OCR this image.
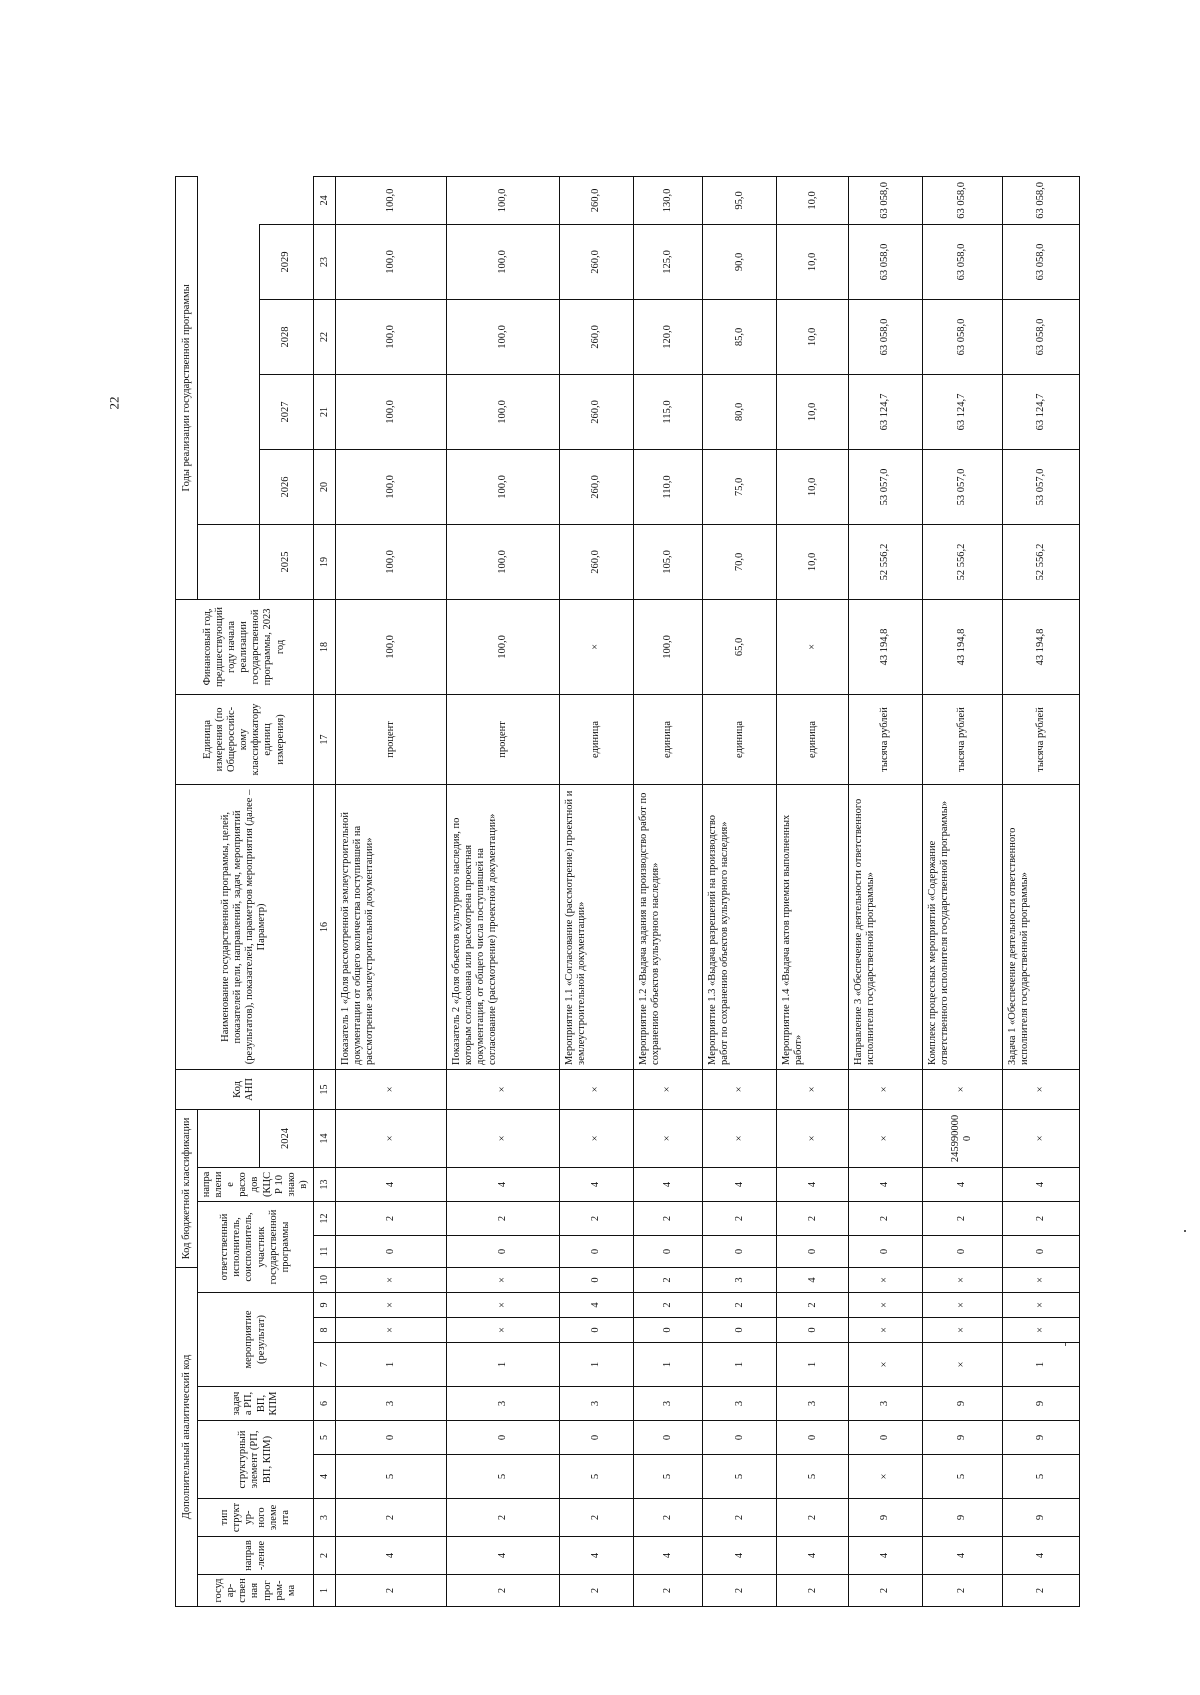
22
Дополнительный аналитический код										Код бюджетной классификации				Код АНП	Наименование государственной программы, целей, показателей цели, направлений, задач, мероприятий (результатов), показателей, параметров мероприятия (далее – Параметр)	Единица измерения (по Общероссийс-кому классификатору единиц измерения)	Финансовый год, предшествующий году начала реализации государственной программы, 2023 год	Годы реализации государственной программы					
государ-ственная програм-ма	направ-ление	тип структур-ного элемента	структурный элемент (РП, ВП, КПМ)		задача РП, ВП, КПМ	мероприятие (результат)			ответственный исполнитель, соисполнитель, участник государственной программы			направление расходов (КЦСР 10 знаков)											
													2024					2025	2026	2027	2028	2029	
1	2	3	4	5	6	7	8	9	10	11	12	13	14	15	16	17	18	19	20	21	22	23	24
2	4	2	5	0	3	1	×	×	×	0	2	4	×	×	Показатель 1 «Доля рассмотренной землеустроительной документации от общего количества поступившей на рассмотрение землеустроительной документации»	процент	100,0	100,0	100,0	100,0	100,0	100,0	100,0
2	4	2	5	0	3	1	×	×	×	0	2	4	×	×	Показатель 2 «Доля объектов культурного наследия, по которым согласована или рассмотрена проектная документация, от общего числа поступившей на согласование (рассмотрение) проектной документации»	процент	100,0	100,0	100,0	100,0	100,0	100,0	100,0
2	4	2	5	0	3	1	0	4	0	0	2	4	×	×	Мероприятие 1.1 «Согласование (рассмотрение) проектной и землеустроительной документации»	единица	×	260,0	260,0	260,0	260,0	260,0	260,0
2	4	2	5	0	3	1	0	2	2	0	2	4	×	×	Мероприятие 1.2 «Выдача задания на производство работ по сохранению объектов культурного наследия»	единица	100,0	105,0	110,0	115,0	120,0	125,0	130,0
2	4	2	5	0	3	1	0	2	3	0	2	4	×	×	Мероприятие 1.3 «Выдача разрешений на производство работ по сохранению объектов культурного наследия»	единица	65,0	70,0	75,0	80,0	85,0	90,0	95,0
2	4	2	5	0	3	1	0	2	4	0	2	4	×	×	Мероприятие 1.4 «Выдача актов приемки выполненных работ»	единица	×	10,0	10,0	10,0	10,0	10,0	10,0
2	4	9	×	0	3	×	×	×	×	0	2	4	×	×	Направление 3 «Обеспечение деятельности ответственного исполнителя государственной программы»	тысяча рублей	43 194,8	52 556,2	53 057,0	63 124,7	63 058,0	63 058,0	63 058,0
2	4	9	5	9	9	×	×	×	×	0	2	4	2459900000	×	Комплекс процессных мероприятий «Содержание ответственного исполнителя государственной программы»	тысяча рублей	43 194,8	52 556,2	53 057,0	63 124,7	63 058,0	63 058,0	63 058,0
2	4	9	5	9	9	1	×	×	×	0	2	4	×	×	Задача 1 «Обеспечение деятельности ответственного исполнителя государственной программы»	тысяча рублей	43 194,8	52 556,2	53 057,0	63 124,7	63 058,0	63 058,0	63 058,0
